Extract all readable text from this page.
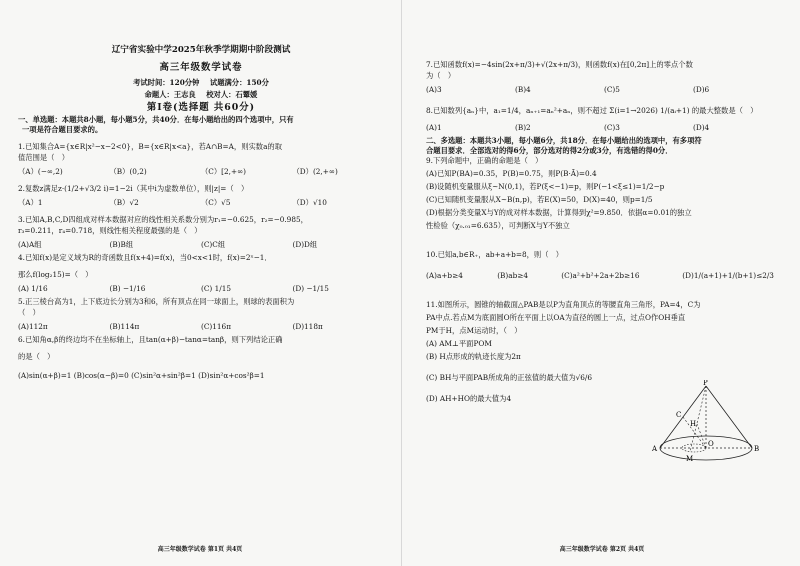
辽宁省实验中学2025年秋季学期期中阶段测试
高三年级数学试卷
考试时间：120分钟 试题满分：150分
命题人：王志良 校对人：石颦媛
第Ⅰ卷(选择题 共60分)
一、单选题：本题共8小题，每小题5分，共40分．在每小题给出的四个选项中，只有
一项是符合题目要求的。
1.已知集合A={x∈R|x²−x−2<0}，B={x∈R|x<a}，若A∩B=A，则实数a的取
值范围是（　）
（A）(−∞,2)	（B）(0,2)	（C）[2,+∞)	（D）(2,+∞)
2.复数z满足z·(1/2+√3/2 i)=1−2i（其中i为虚数单位），则|z|=（　）
（A）1	（B）√2	（C）√5	（D）√10
3.已知A,B,C,D四组成对样本数据对应的线性相关系数分别为r₁=−0.625，r₂=−0.985，
r₃=0.211，r₄=0.718，则线性相关程度最强的是（　）
(A)A组	(B)B组	(C)C组	(D)D组
4.已知f(x)是定义域为R的奇函数且f(x+4)=f(x)，当0<x<1时，f(x)=2ˣ−1．
那么f(log₂15)=（　）
(A) 1/16	(B) −1/16	(C) 1/15	(D) −1/15
5.正三棱台高为1，上下底边长分别为3和6，所有顶点在同一球面上，则球的表面积为
（　）
(A)112π	(B)114π	(C)116π	(D)118π
6.已知角α,β的终边均不在坐标轴上，且tan(α+β)−tanα=tanβ，则下列结论正确
的是（　）
(A)sin(α+β)=1 (B)cos(α−β)=0 (C)sin²α+sin²β=1 (D)sin²α+cos²β=1
高三年级数学试卷 第1页 共4页
7.已知函数f(x)=−4sin(2x+π/3)+√(2x+π/3)，则函数f(x)在[0,2π]上的零点个数
为（　）
(A)3	(B)4	(C)5	(D)6
8.已知数列{aₙ}中，a₁=1/4，aₙ₊₁=aₙ²+aₙ，则不超过 Σ(i=1→2026) 1/(aᵢ+1) 的最大整数是（　）
(A)1	(B)2	(C)3	(D)4
二、多选题：本题共3小题，每小题6分，共18分．在每小题给出的选项中，有多项符
合题目要求．全部选对的得6分，部分选对的得2分或3分，有选错的得0分．
9.下列命题中，正确的命题是（　）
(A)已知P(BA)=0.35，P(B)=0.75，则P(B·Ā)=0.4
(B)设随机变量服从ξ~N(0,1)，若P(ξ<−1)=p，则P(−1<ξ≤1)=1/2−p
(C)已知随机变量服从X~B(n,p)，若E(X)=50，D(X)=40，则p=1/5
(D)根据分类变量X与Y的成对样本数据，计算得到χ²=9.850．依据α=0.01的独立
性检验（χ₀.₀₁=6.635），可判断X与Y不独立
10.已知a,b∈R₊，ab+a+b=8，则（　）
(A)a+b≥4	(B)ab≥4	(C)a²+b²+2a+2b≥16	(D)1/(a+1)+1/(b+1)≤2/3
11.如图所示，圆锥的轴截面△PAB是以P为直角顶点的等腰直角三角形，PA=4，C为
PA中点.若点M为底面圆O所在平面上以OA为直径的圆上一点，过点O作OH垂直
PM于H，点M运动时，（　）
(A) AM⊥平面POM
(B) H点形成的轨迹长度为2π
(C) BH与平面PAB所成角的正弦值的最大值为√6/6
(D) AH+HO的最大值为4
P
A	B
C
O
M
H
高三年级数学试卷 第2页 共4页
